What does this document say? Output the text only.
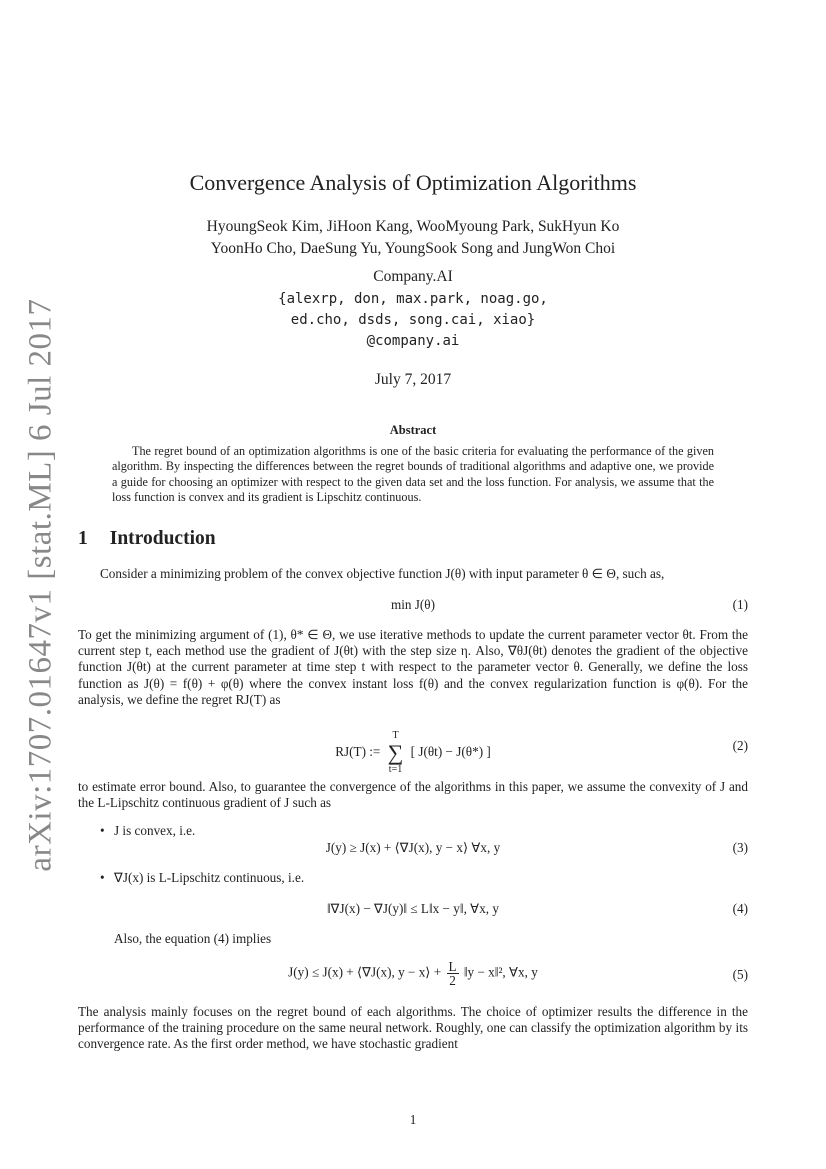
arXiv:1707.01647v1 [stat.ML] 6 Jul 2017
Convergence Analysis of Optimization Algorithms
HyoungSeok Kim, JiHoon Kang, WooMyoung Park, SukHyun Ko
YoonHo Cho, DaeSung Yu, YoungSook Song and JungWon Choi
Company.AI
{alexrp, don, max.park, noag.go,
ed.cho, dsds, song.cai, xiao}
@company.ai
July 7, 2017
Abstract
The regret bound of an optimization algorithms is one of the basic criteria for evaluating the performance of the given algorithm. By inspecting the differences between the regret bounds of traditional algorithms and adaptive one, we provide a guide for choosing an optimizer with respect to the given data set and the loss function. For analysis, we assume that the loss function is convex and its gradient is Lipschitz continuous.
1 Introduction
Consider a minimizing problem of the convex objective function J(θ) with input parameter θ ∈ Θ, such as,
min J(θ)	(1)
To get the minimizing argument of (1), θ* ∈ Θ, we use iterative methods to update the current parameter vector θt. From the current step t, each method use the gradient of J(θt) with the step size η. Also, ∇θJ(θt) denotes the gradient of the objective function J(θt) at the current parameter at time step t with respect to the parameter vector θ. Generally, we define the loss function as J(θ) = f(θ) + φ(θ) where the convex instant loss f(θ) and the convex regularization function is φ(θ). For the analysis, we define the regret RJ(T) as
RJ(T) :=
T
∑
t=1
[ J(θt) − J(θ*) ]	(2)
to estimate error bound. Also, to guarantee the convergence of the algorithms in this paper, we assume the convexity of J and the L-Lipschitz continuous gradient of J such as
• J is convex, i.e.
J(y) ≥ J(x) + ⟨∇J(x), y − x⟩ ∀x, y	(3)
• ∇J(x) is L-Lipschitz continuous, i.e.
‖∇J(x) − ∇J(y)‖ ≤ L‖x − y‖, ∀x, y	(4)
Also, the equation (4) implies
J(y) ≤ J(x) + ⟨∇J(x), y − x⟩ + $\frac{L}{2}$ ‖y − x‖², ∀x, y	(5)
The analysis mainly focuses on the regret bound of each algorithms. The choice of optimizer results the difference in the performance of the training procedure on the same neural network. Roughly, one can classify the optimization algorithm by its convergence rate. As the first order method, we have stochastic gradient
1
